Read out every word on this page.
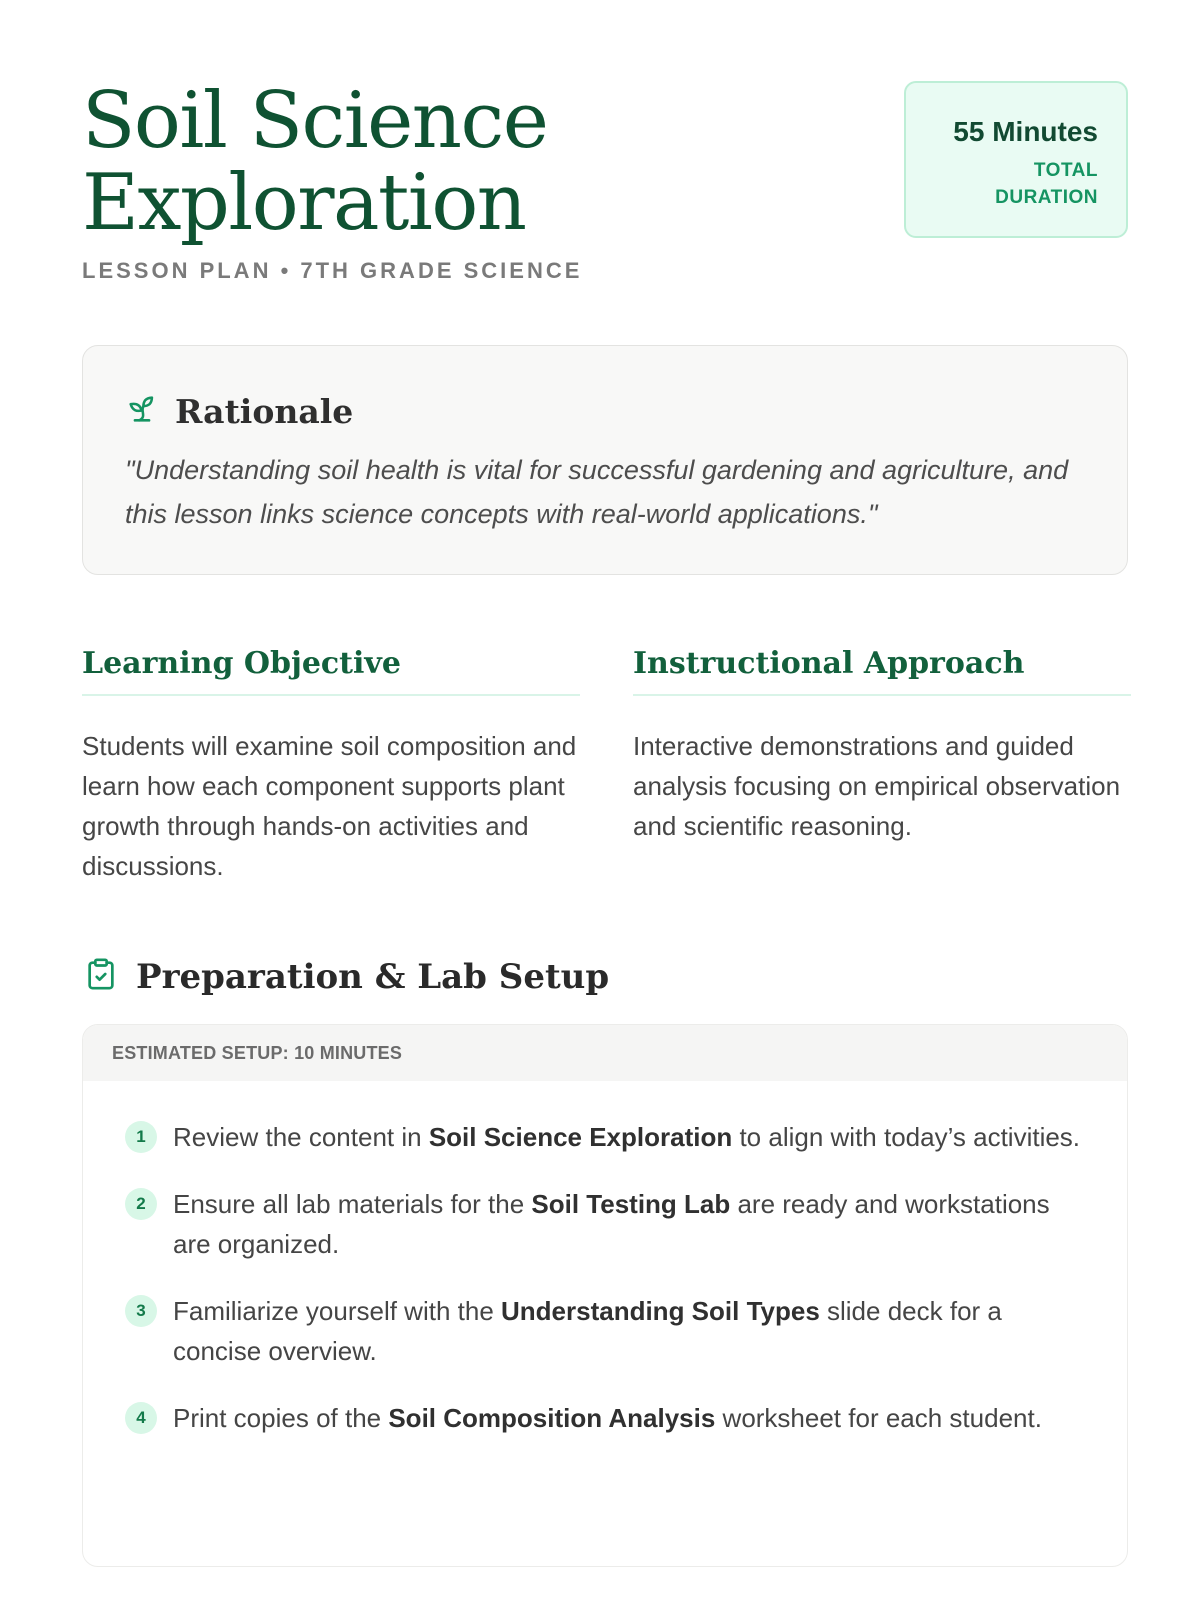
Soil Science
Exploration
LESSON PLAN • 7TH GRADE SCIENCE
55 Minutes
TOTAL
DURATION
Rationale

"Understanding soil health is vital for successful gardening and agriculture, and this lesson links science concepts with real-world applications."

Learning Objective

Students will examine soil composition and learn how each component supports plant growth through hands-on activities and discussions.

Instructional Approach

Interactive demonstrations and guided analysis focusing on empirical observation and scientific reasoning.

Preparation & Lab Setup
ESTIMATED SETUP: 10 MINUTES
1	Review the content in Soil Science Exploration to align with today’s activities.

2	Ensure all lab materials for the Soil Testing Lab are ready and workstations are organized.

3	Familiarize yourself with the Understanding Soil Types slide deck for a concise overview.

4	Print copies of the Soil Composition Analysis worksheet for each student.
